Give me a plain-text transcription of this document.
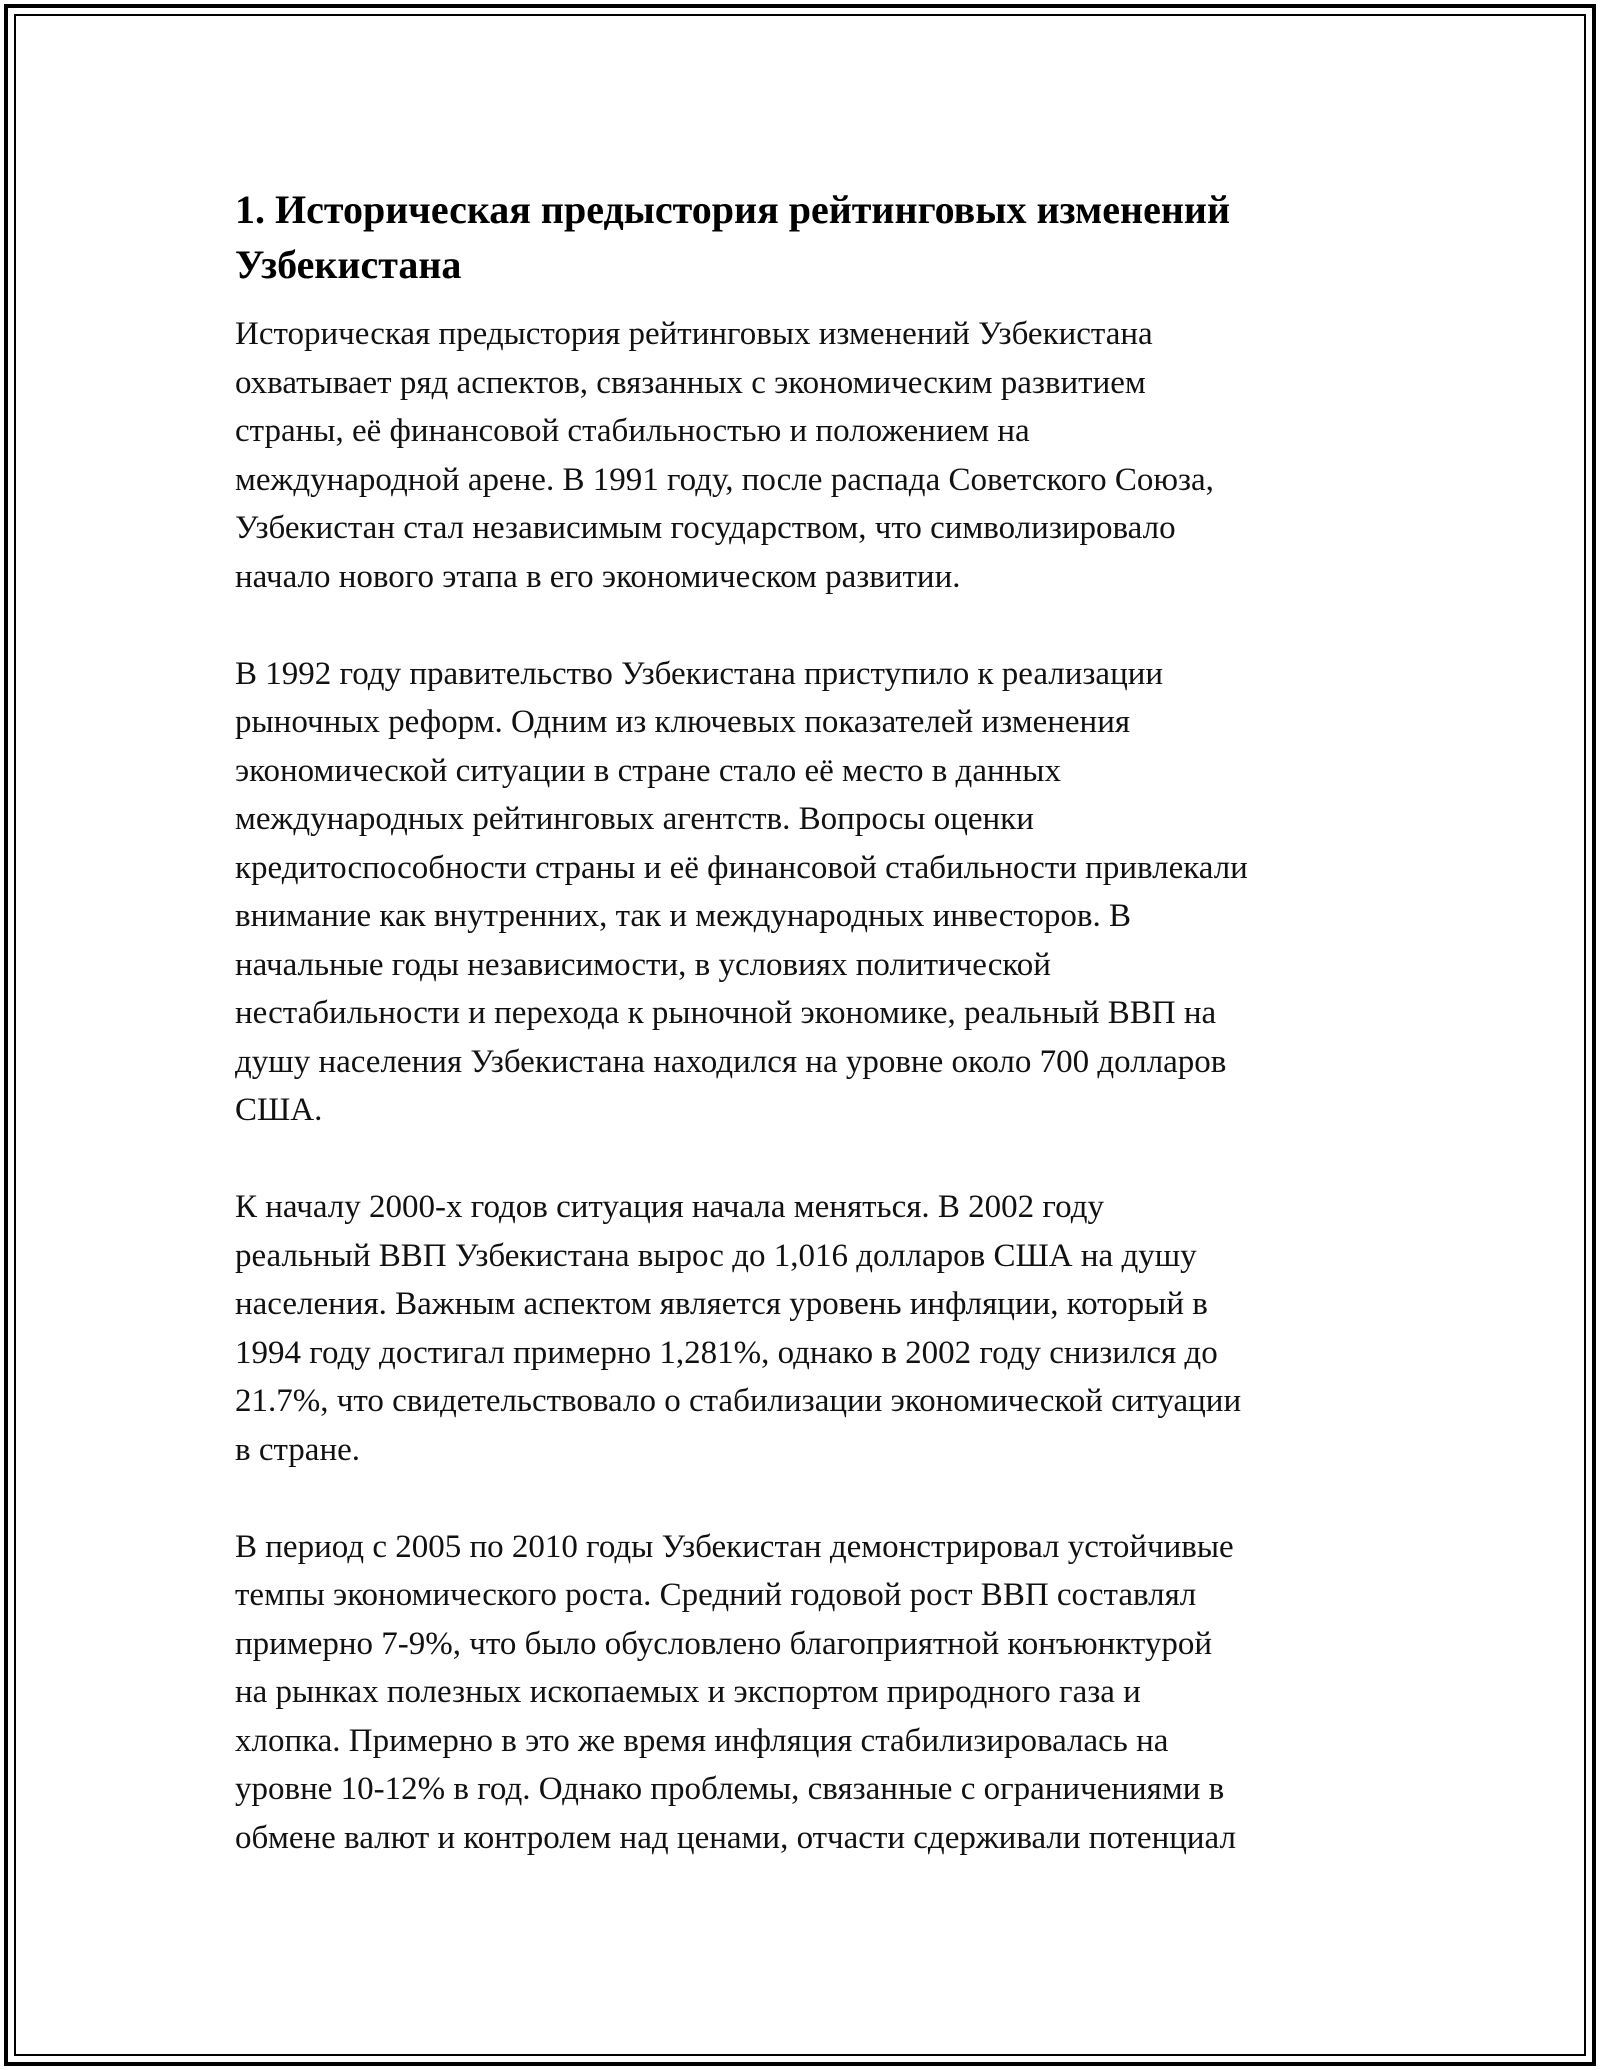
1. Историческая предыстория рейтинговых изменений
Узбекистана

Историческая предыстория рейтинговых изменений Узбекистана
охватывает ряд аспектов, связанных с экономическим развитием
страны, её финансовой стабильностью и положением на
международной арене. В 1991 году, после распада Советского Союза,
Узбекистан стал независимым государством, что символизировало
начало нового этапа в его экономическом развитии.

В 1992 году правительство Узбекистана приступило к реализации
рыночных реформ. Одним из ключевых показателей изменения
экономической ситуации в стране стало её место в данных
международных рейтинговых агентств. Вопросы оценки
кредитоспособности страны и её финансовой стабильности привлекали
внимание как внутренних, так и международных инвесторов. В
начальные годы независимости, в условиях политической
нестабильности и перехода к рыночной экономике, реальный ВВП на
душу населения Узбекистана находился на уровне около 700 долларов
США.

К началу 2000-х годов ситуация начала меняться. В 2002 году
реальный ВВП Узбекистана вырос до 1,016 долларов США на душу
населения. Важным аспектом является уровень инфляции, который в
1994 году достигал примерно 1,281%, однако в 2002 году снизился до
21.7%, что свидетельствовало о стабилизации экономической ситуации
в стране.

В период с 2005 по 2010 годы Узбекистан демонстрировал устойчивые
темпы экономического роста. Средний годовой рост ВВП составлял
примерно 7-9%, что было обусловлено благоприятной конъюнктурой
на рынках полезных ископаемых и экспортом природного газа и
хлопка. Примерно в это же время инфляция стабилизировалась на
уровне 10-12% в год. Однако проблемы, связанные с ограничениями в
обмене валют и контролем над ценами, отчасти сдерживали потенциал
